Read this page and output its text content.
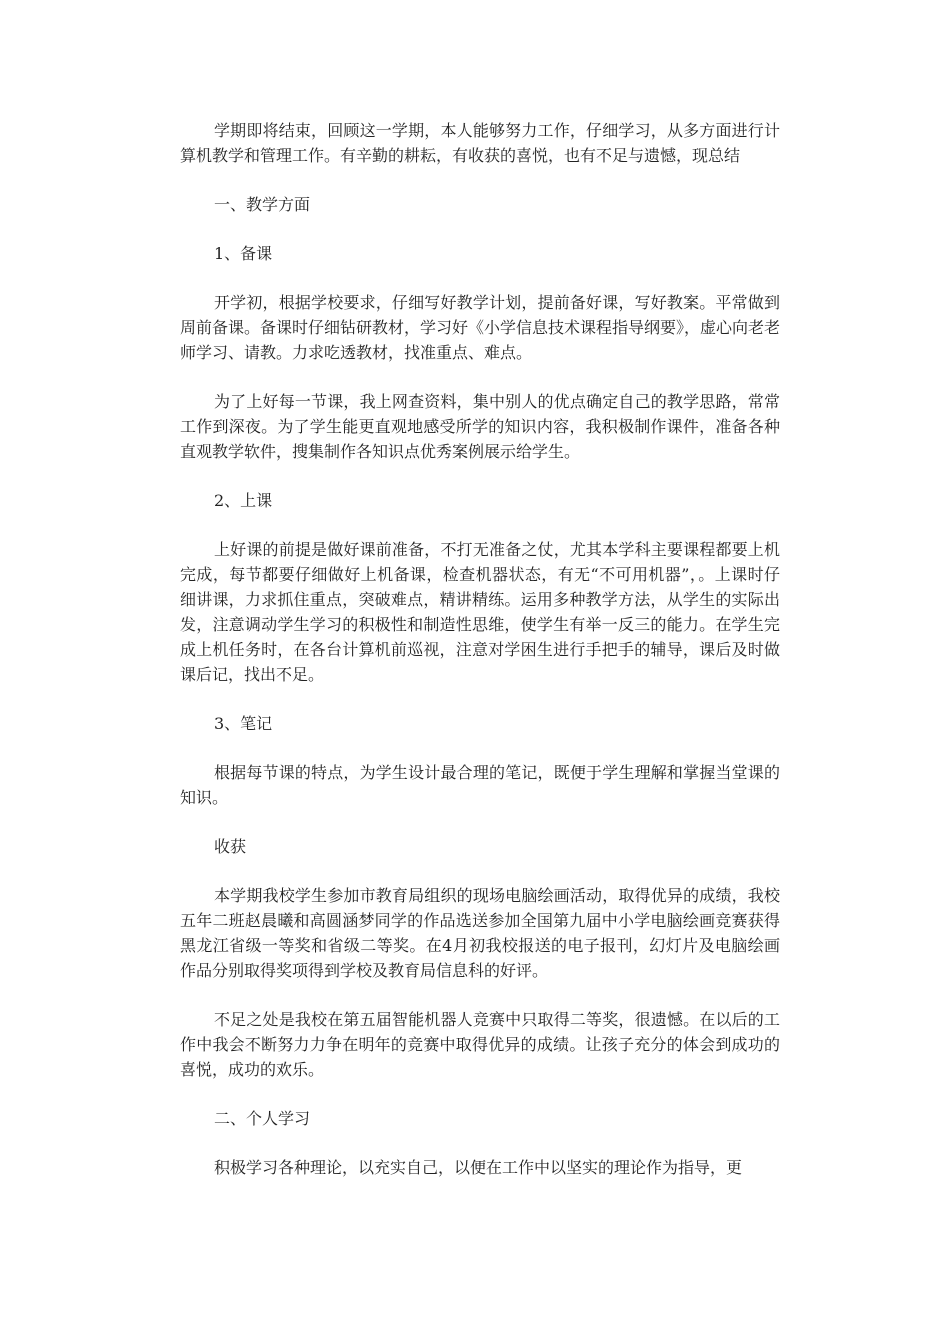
学期即将结束，回顾这一学期，本人能够努力工作，仔细学习，从多方面进行计算机教学和管理工作。有辛勤的耕耘，有收获的喜悦，也有不足与遗憾，现总结

一、教学方面

1、备课

开学初，根据学校要求，仔细写好教学计划，提前备好课，写好教案。平常做到周前备课。备课时仔细钻研教材，学习好《小学信息技术课程指导纲要》，虚心向老老师学习、请教。力求吃透教材，找准重点、难点。

为了上好每一节课，我上网查资料，集中别人的优点确定自己的教学思路，常常工作到深夜。为了学生能更直观地感受所学的知识内容，我积极制作课件，准备各种直观教学软件，搜集制作各知识点优秀案例展示给学生。

2、上课

上好课的前提是做好课前准备，不打无准备之仗，尤其本学科主要课程都要上机完成，每节都要仔细做好上机备课，检查机器状态，有无“不可用机器”，。上课时仔细讲课，力求抓住重点，突破难点，精讲精练。运用多种教学方法，从学生的实际出发，注意调动学生学习的积极性和制造性思维，使学生有举一反三的能力。在学生完成上机任务时，在各台计算机前巡视，注意对学困生进行手把手的辅导，课后及时做课后记，找出不足。

3、笔记

根据每节课的特点，为学生设计最合理的笔记，既便于学生理解和掌握当堂课的知识。

收获

本学期我校学生参加市教育局组织的现场电脑绘画活动，取得优异的成绩，我校五年二班赵晨曦和高圆涵梦同学的作品选送参加全国第九届中小学电脑绘画竞赛获得黑龙江省级一等奖和省级二等奖。在4月初我校报送的电子报刊，幻灯片及电脑绘画作品分别取得奖项得到学校及教育局信息科的好评。

不足之处是我校在第五届智能机器人竞赛中只取得二等奖，很遗憾。在以后的工作中我会不断努力力争在明年的竞赛中取得优异的成绩。让孩子充分的体会到成功的喜悦，成功的欢乐。

二、个人学习

积极学习各种理论，以充实自己，以便在工作中以坚实的理论作为指导，更
